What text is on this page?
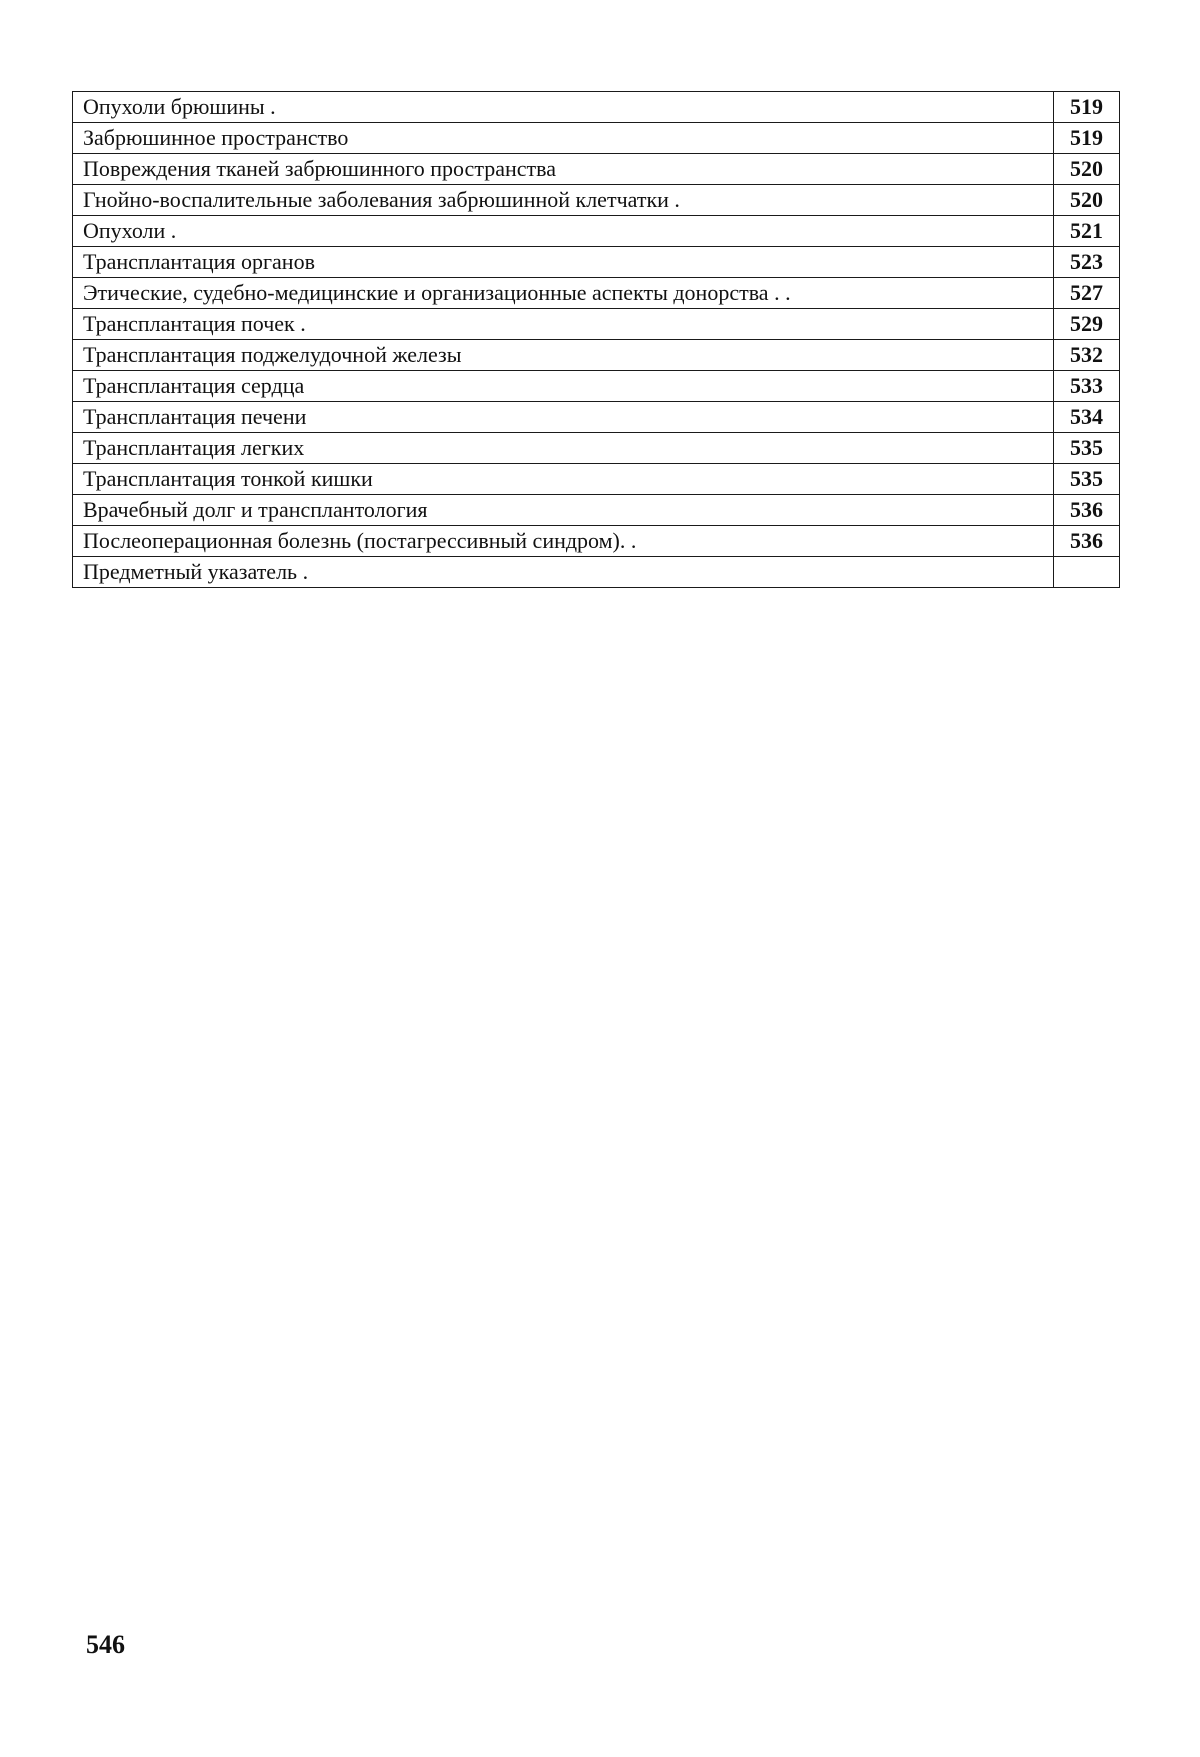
Опухоли брюшины .	519
Забрюшинное пространство	519
Повреждения тканей забрюшинного пространства	520
Гнойно-воспалительные заболевания забрюшинной клетчатки .	520
Опухоли .	521
Трансплантация органов	523
Этические, судебно-медицинские и организационные аспекты донорства . .	527
Трансплантация почек .	529
Трансплантация поджелудочной железы	532
Трансплантация сердца	533
Трансплантация печени	534
Трансплантация легких	535
Трансплантация тонкой кишки	535
Врачебный долг и трансплантология	536
Послеоперационная болезнь (постагрессивный синдром). .	536
Предметный указатель .	
546
